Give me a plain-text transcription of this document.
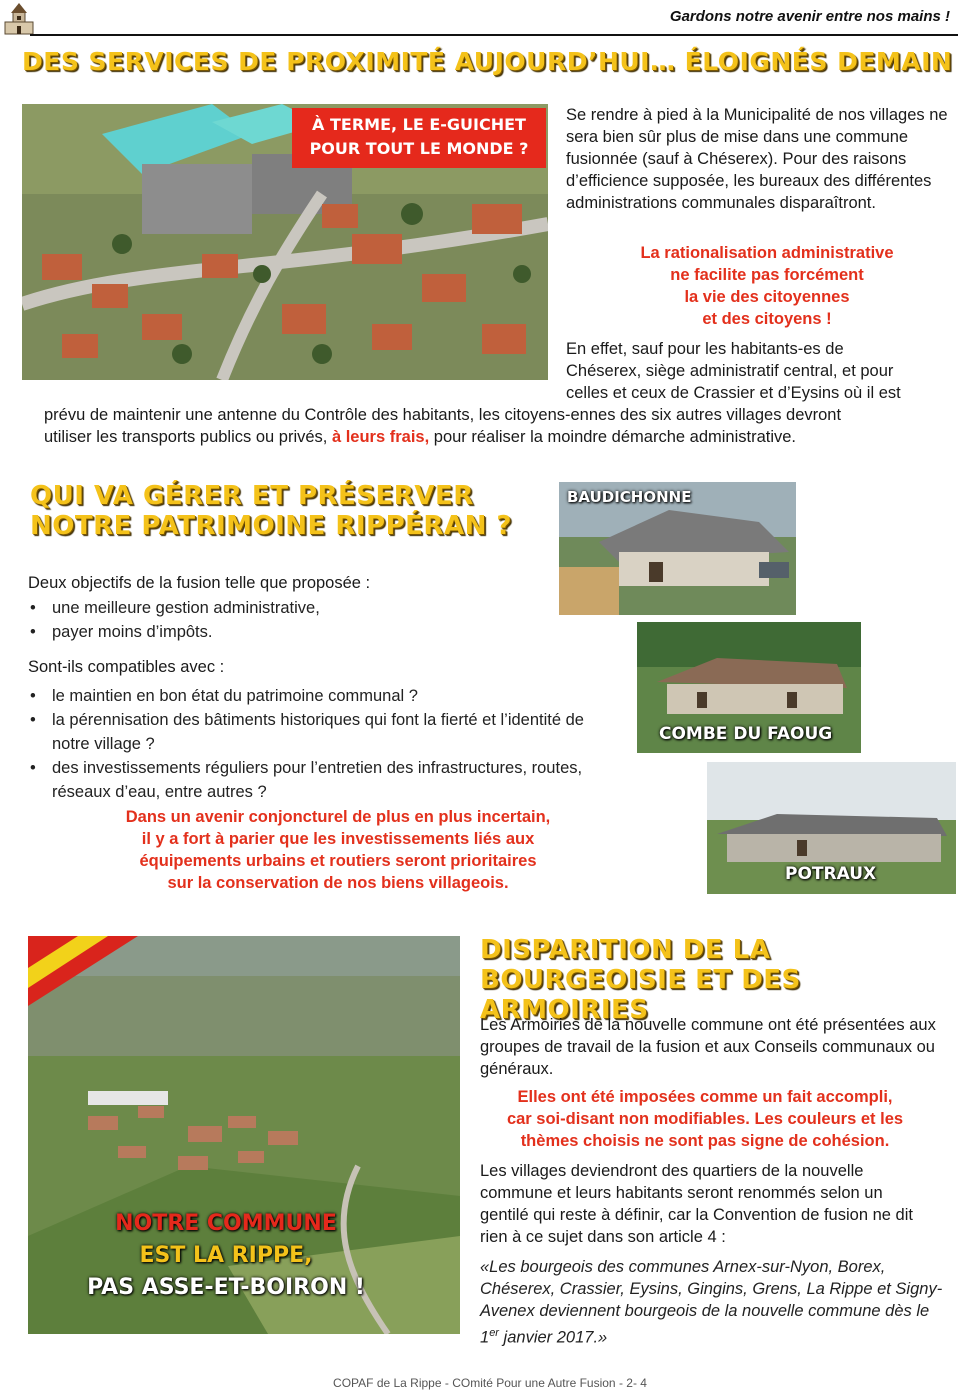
Gardons notre avenir entre nos mains !
DES SERVICES DE PROXIMITÉ AUJOURD’HUI… ÉLOIGNÉS DEMAIN
À TERME, LE E-GUICHET
POUR TOUT LE MONDE ?
Se rendre à pied à la Municipalité de nos villages ne sera bien sûr plus de mise dans une commune fusionnée (sauf à Chéserex). Pour des raisons d’efficience supposée, les bureaux des différentes administrations communales disparaîtront.
La rationalisation administrative
ne facilite pas forcément
la vie des citoyennes
et des citoyens !
En effet, sauf pour les habitants-es de
Chéserex, siège administratif central, et pour
celles et ceux de Crassier et d’Eysins où il est
prévu de maintenir une antenne du Contrôle des habitants, les citoyens-ennes des six autres villages devront
utiliser les transports publics ou privés, à leurs frais, pour réaliser la moindre démarche administrative.
QUI VA GÉRER ET PRÉSERVER
NOTRE PATRIMOINE RIPPÉRAN ?
Deux objectifs de la fusion telle que proposée :
• une meilleure gestion administrative,
• payer moins d’impôts.
Sont-ils compatibles avec :
• le maintien en bon état du patrimoine communal ?
• la pérennisation des bâtiments historiques qui font la fierté et l’identité de notre village ?
• des investissements réguliers pour l’entretien des infrastructures, routes, réseaux d’eau, entre autres ?
Dans un avenir conjoncturel de plus en plus incertain,
il y a fort à parier que les investissements liés aux
équipements urbains et routiers seront prioritaires
sur la conservation de nos biens villageois.
BAUDICHONNE
COMBE DU FAOUG
POTRAUX
NOTRE COMMUNE
EST LA RIPPE,
PAS ASSE-ET-BOIRON !
DISPARITION DE LA
BOURGEOISIE ET DES ARMOIRIES
Les Armoiries de la nouvelle commune ont été présentées aux groupes de travail de la fusion et aux Conseils communaux ou généraux.
Elles ont été imposées comme un fait accompli,
car soi-disant non modifiables. Les couleurs et les
thèmes choisis ne sont pas signe de cohésion.
Les villages deviendront des quartiers de la nouvelle commune et leurs habitants seront renommés selon un gentilé qui reste à définir, car la Convention de fusion ne dit rien à ce sujet dans son article 4 :
«Les bourgeois des communes Arnex-sur-Nyon, Borex, Chéserex, Crassier, Eysins, Gingins, Grens, La Rippe et Signy-Avenex deviennent bourgeois de la nouvelle commune dès le 1er janvier 2017.»
COPAF de La Rippe - COmité Pour une Autre Fusion - 2- 4
